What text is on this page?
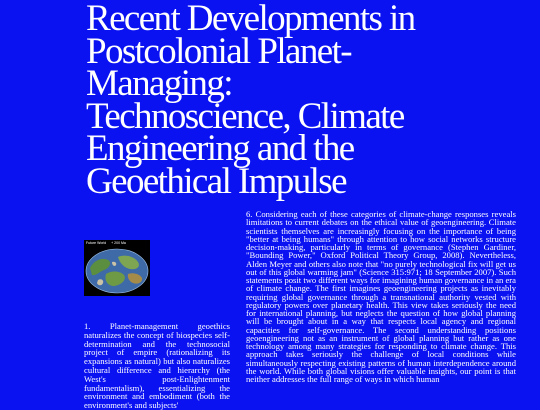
Recent Developments in
Postcolonial Planet-
Managing:
Technoscience, Climate
Engineering and the
Geoethical Impulse
Future World + 200 Ma

1. Planet-management geoethics naturalizes the concept of biospecies self-determination and the technosocial project of empire (rationalizing its expansions as natural) but also naturalizes cultural difference and hierarchy (the West's post-Enlightenment fundamentalism), essentializing the environment and embodiment (both the environment's and subjects'

6. Considering each of these categories of climate-change responses reveals limitations to current debates on the ethical value of geoengineering. Climate scientists themselves are increasingly focusing on the importance of being "better at being humans" through attention to how social networks structure decision-making, particularly in terms of governance (Stephen Gardiner, "Bounding Power," Oxford Political Theory Group, 2008). Nevertheless, Alden Meyer and others also note that "no purely technological fix will get us out of this global warming jam" (Science 315:971; 18 September 2007). Such statements posit two different ways for imagining human governance in an era of climate change. The first imagines geoengineering projects as inevitably requiring global governance through a transnational authority vested with regulatory powers over planetary health. This view takes seriously the need for international planning, but neglects the question of how global planning will be brought about in a way that respects local agency and regional capacities for self-governance. The second understanding positions geoengineering not as an instrument of global planning but rather as one technology among many strategies for responding to climate change. This approach takes seriously the challenge of local conditions while simultaneously respecting existing patterns of human interdependence around the world. While both global visions offer valuable insights, our point is that neither addresses the full range of ways in which human
